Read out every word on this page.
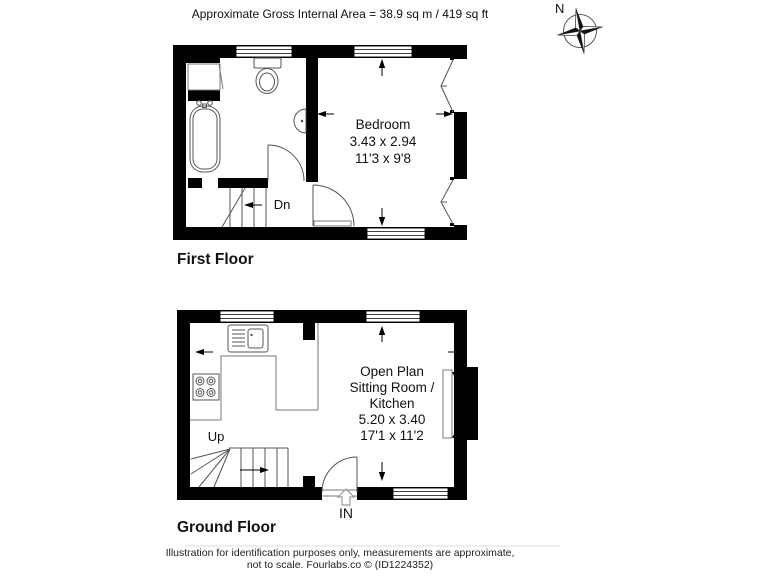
Approximate Gross Internal Area = 38.9 sq m / 419 sq ft	N
Bedroom
3.43 x 2.94
11'3 x 9'8
Dn
First Floor
Open Plan
Sitting Room /
Kitchen
5.20 x 3.40
17'1 x 11'2
Up
IN
Ground Floor
Illustration for identification purposes only, measurements are approximate,
not to scale. Fourlabs.co © (ID1224352)
